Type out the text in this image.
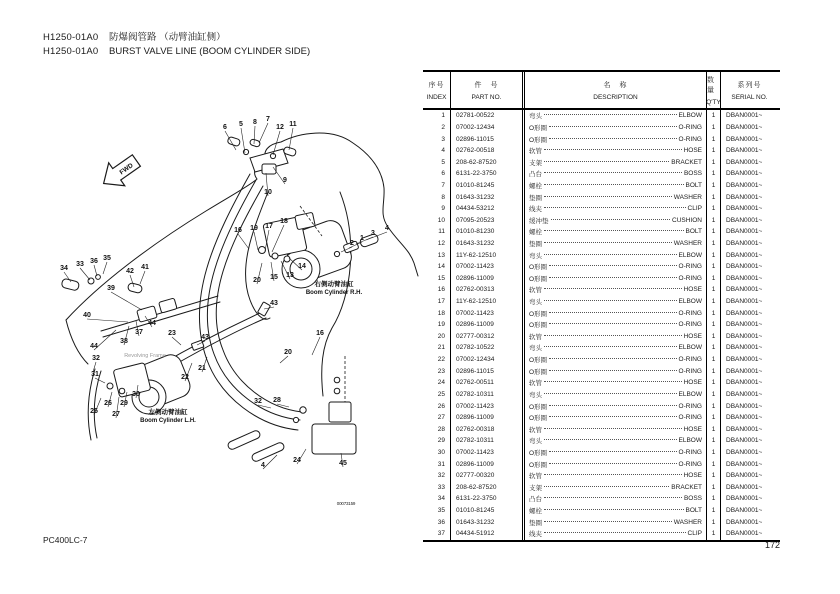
H1250-01A0	防爆阀管路 （动臂油缸侧）
H1250-01A0	BURST VALVE LINE (BOOM CYLINDER SIDE)
FWD
Revolving Frame
右侧动臂油缸
Boom Cylinder R.H.
左侧动臂油缸
Boom Cylinder L.H.
00073159
6 5 8 7
12 11
9
10
2
1
3
4
16 19 17
18
14
13
15
20
43
34
33 36 35
42
41
39
40
44
37
38
44
32
23
43
21
22
31
25
26
27
29
30
16
20
32 28
4
24	45
序号
INDEX
件　号
PART NO.
名　称
DESCRIPTION
数量
Q'TY
系列号
SERIAL NO.
1	02781-00522	弯头	ELBOW	1	DBAN0001~
2	07002-12434	O形圈	O-RING	1	DBAN0001~
3	02896-11015	O形圈	O-RING	1	DBAN0001~
4	02762-00518	软管	HOSE	1	DBAN0001~
5	208-62-87520	支架	BRACKET	1	DBAN0001~
6	6131-22-3750	凸台	BOSS	1	DBAN0001~
7	01010-81245	螺栓	BOLT	1	DBAN0001~
8	01643-31232	垫圈	WASHER	1	DBAN0001~
9	04434-53212	线夹	CLIP	1	DBAN0001~
10	07095-20523	缓冲垫	CUSHION	1	DBAN0001~
11	01010-81230	螺栓	BOLT	1	DBAN0001~
12	01643-31232	垫圈	WASHER	1	DBAN0001~
13	11Y-62-12510	弯头	ELBOW	1	DBAN0001~
14	07002-11423	O形圈	O-RING	1	DBAN0001~
15	02896-11009	O形圈	O-RING	1	DBAN0001~
16	02762-00313	软管	HOSE	1	DBAN0001~
17	11Y-62-12510	弯头	ELBOW	1	DBAN0001~
18	07002-11423	O形圈	O-RING	1	DBAN0001~
19	02896-11009	O形圈	O-RING	1	DBAN0001~
20	02777-00312	软管	HOSE	1	DBAN0001~
21	02782-10522	弯头	ELBOW	1	DBAN0001~
22	07002-12434	O形圈	O-RING	1	DBAN0001~
23	02896-11015	O形圈	O-RING	1	DBAN0001~
24	02762-00511	软管	HOSE	1	DBAN0001~
25	02782-10311	弯头	ELBOW	1	DBAN0001~
26	07002-11423	O形圈	O-RING	1	DBAN0001~
27	02896-11009	O形圈	O-RING	1	DBAN0001~
28	02762-00318	软管	HOSE	1	DBAN0001~
29	02782-10311	弯头	ELBOW	1	DBAN0001~
30	07002-11423	O形圈	O-RING	1	DBAN0001~
31	02896-11009	O形圈	O-RING	1	DBAN0001~
32	02777-00320	软管	HOSE	1	DBAN0001~
33	208-62-87520	支架	BRACKET	1	DBAN0001~
34	6131-22-3750	凸台	BOSS	1	DBAN0001~
35	01010-81245	螺栓	BOLT	1	DBAN0001~
36	01643-31232	垫圈	WASHER	1	DBAN0001~
37	04434-51912	线夹	CLIP	1	DBAN0001~
PC400LC-7	172
